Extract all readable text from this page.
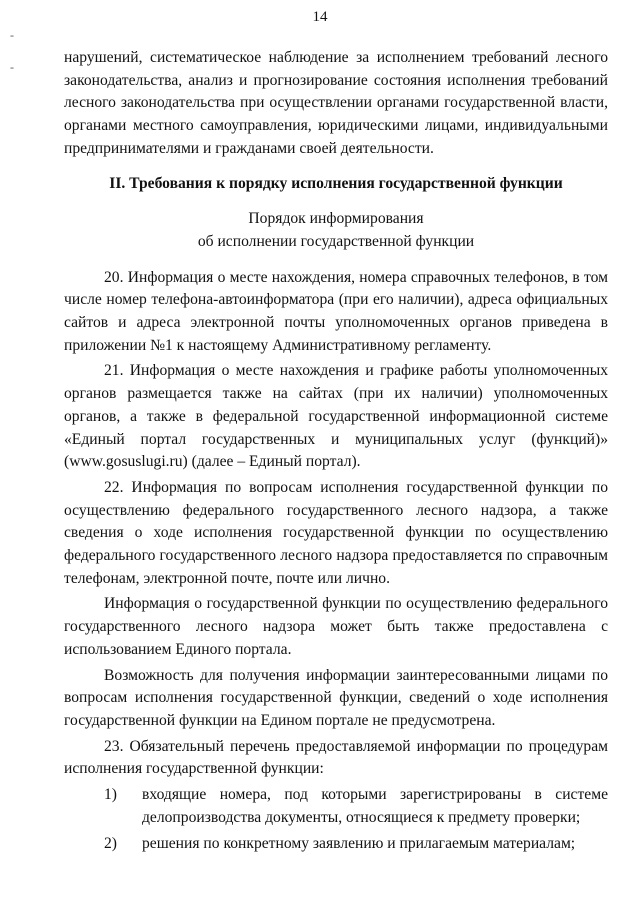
14
-
-

нарушений, систематическое наблюдение за исполнением требований лесного законодательства, анализ и прогнозирование состояния исполнения требований лесного законодательства при осуществлении органами государственной власти, органами местного самоуправления, юридическими лицами, индивидуальными предпринимателями и гражданами своей деятельности.

II. Требования к порядку исполнения государственной функции

Порядок информирования

об исполнении государственной функции

20. Информация о месте нахождения, номера справочных телефонов, в том числе номер телефона-автоинформатора (при его наличии), адреса официальных сайтов и адреса электронной почты уполномоченных органов приведена в приложении №1 к настоящему Административному регламенту.

21. Информация о месте нахождения и графике работы уполномоченных органов размещается также на сайтах (при их наличии) уполномоченных органов, а также в федеральной государственной информационной системе «Единый портал государственных и муниципальных услуг (функций)» (www.gosuslugi.ru) (далее – Единый портал).

22. Информация по вопросам исполнения государственной функции по осуществлению федерального государственного лесного надзора, а также сведения о ходе исполнения государственной функции по осуществлению федерального государственного лесного надзора предоставляется по справочным телефонам, электронной почте, почте или лично.

Информация о государственной функции по осуществлению федерального государственного лесного надзора может быть также предоставлена с использованием Единого портала.

Возможность для получения информации заинтересованными лицами по вопросам исполнения государственной функции, сведений о ходе исполнения государственной функции на Едином портале не предусмотрена.

23. Обязательный перечень предоставляемой информации по процедурам исполнения государственной функции:

1)	входящие номера, под которыми зарегистрированы в системе делопроизводства документы, относящиеся к предмету проверки;
2)	решения по конкретному заявлению и прилагаемым материалам;
